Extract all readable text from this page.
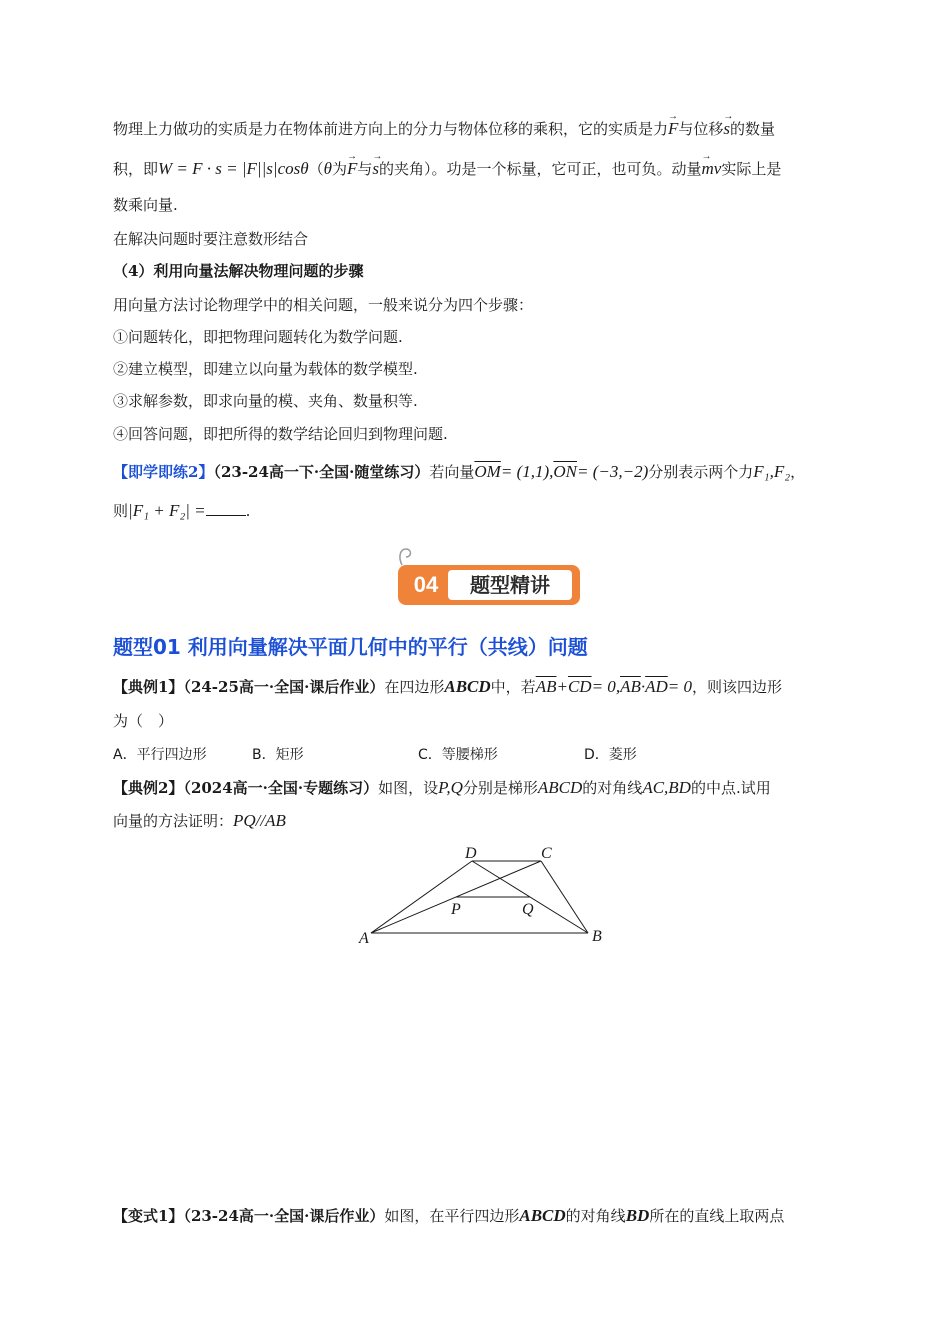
物理上力做功的实质是力在物体前进方向上的分力与物体位移的乘积，它的实质是力→ F与位移→ s的数量
积，即W = F · s = |F||s|cosθ（θ为→ F与→ s的夹角）。功是一个标量，它可正，也可负。动量→ mv实际上是
数乘向量.
在解决问题时要注意数形结合
（4）利用向量法解决物理问题的步骤
用向量方法讨论物理学中的相关问题，一般来说分为四个步骤：
①问题转化，即把物理问题转化为数学问题.
②建立模型，即建立以向量为载体的数学模型.
③求解参数，即求向量的模、夹角、数量积等.
④回答问题，即把所得的数学结论回归到物理问题.
【即学即练2】（23-24高一下·全国·随堂练习）若向量$\overline{OM}= (1,1),\overline{ON}= (-3,-2)$分别表示两个力F₁,F₂，
则|F₁ + F₂| =	.
04	题型精讲
题型01 利用向量解决平面几何中的平行（共线）问题
【典例1】（24-25高一·全国·课后作业）在四边形ABCD中，若$\overline{AB}+\overline{CD}= 0,\overline{AB}\cdot\overline{AD}= 0$，则该四边形
为（　）
A．平行四边形	B．矩形	C．等腰梯形	D．菱形
【典例2】（2024高一·全国·专题练习）如图，设P,Q分别是梯形ABCD的对角线AC,BD的中点.试用
向量的方法证明：PQ//AB
A	B
C
D
P	Q
【变式1】（23-24高一·全国·课后作业）如图，在平行四边形ABCD的对角线BD所在的直线上取两点
